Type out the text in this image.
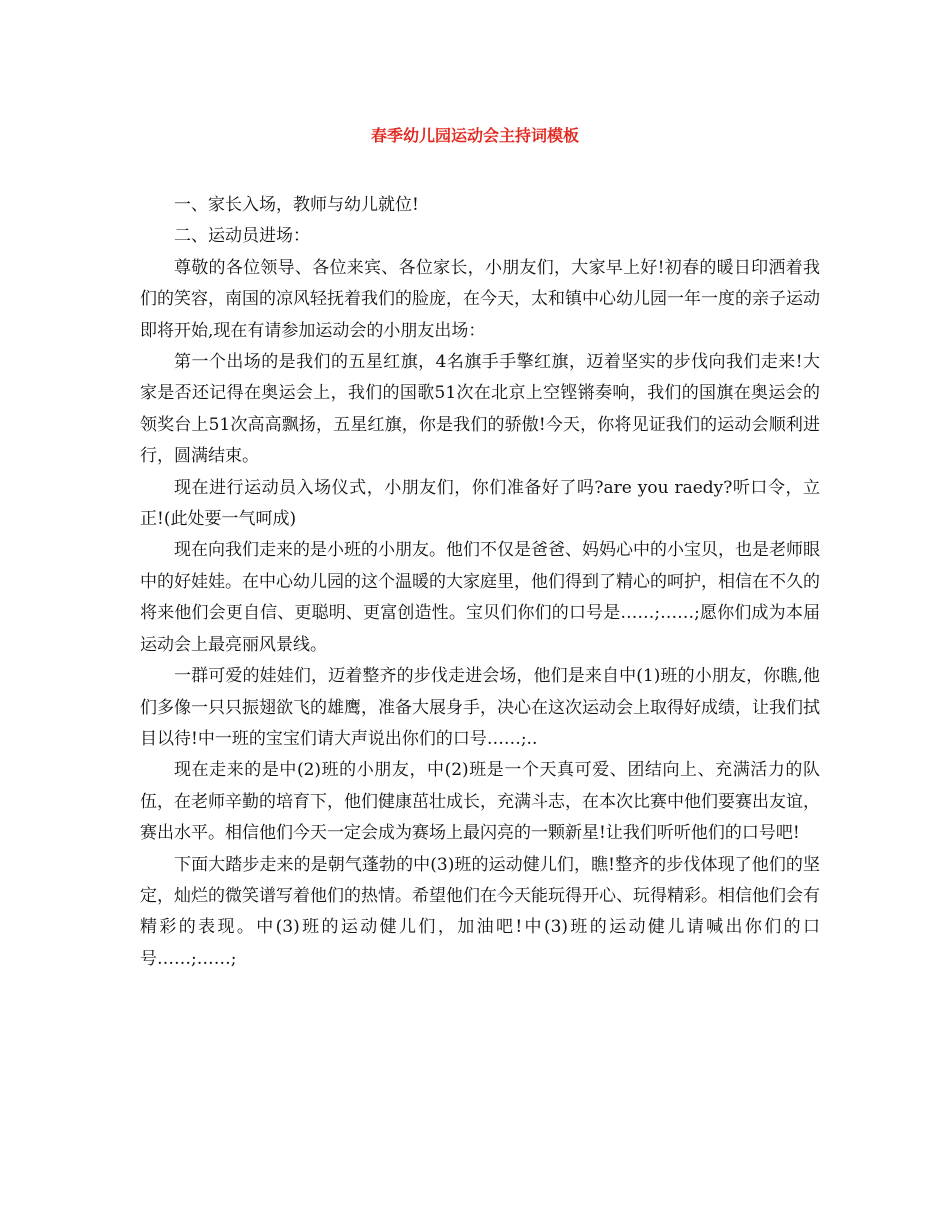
春季幼儿园运动会主持词模板

一、家长入场，教师与幼儿就位!

二、运动员进场：

尊敬的各位领导、各位来宾、各位家长，小朋友们，大家早上好!初春的暖日印洒着我们的笑容，南国的凉风轻抚着我们的脸庞，在今天，太和镇中心幼儿园一年一度的亲子运动即将开始,现在有请参加运动会的小朋友出场：

第一个出场的是我们的五星红旗，4名旗手手擎红旗，迈着坚实的步伐向我们走来!大家是否还记得在奥运会上，我们的国歌51次在北京上空铿锵奏响，我们的国旗在奥运会的领奖台上51次高高飘扬，五星红旗，你是我们的骄傲!今天，你将见证我们的运动会顺利进行，圆满结束。

现在进行运动员入场仪式，小朋友们，你们准备好了吗?are you raedy?听口令，立正!(此处要一气呵成)

现在向我们走来的是小班的小朋友。他们不仅是爸爸、妈妈心中的小宝贝，也是老师眼中的好娃娃。在中心幼儿园的这个温暖的大家庭里，他们得到了精心的呵护，相信在不久的将来他们会更自信、更聪明、更富创造性。宝贝们你们的口号是……;……;愿你们成为本届运动会上最亮丽风景线。

一群可爱的娃娃们，迈着整齐的步伐走进会场，他们是来自中(1)班的小朋友，你瞧,他们多像一只只振翅欲飞的雄鹰，准备大展身手，决心在这次运动会上取得好成绩，让我们拭目以待!中一班的宝宝们请大声说出你们的口号……;..

现在走来的是中(2)班的小朋友，中(2)班是一个天真可爱、团结向上、充满活力的队伍，在老师辛勤的培育下，他们健康茁壮成长，充满斗志，在本次比赛中他们要赛出友谊，赛出水平。相信他们今天一定会成为赛场上最闪亮的一颗新星!让我们听听他们的口号吧!

下面大踏步走来的是朝气蓬勃的中(3)班的运动健儿们，瞧!整齐的步伐体现了他们的坚定，灿烂的微笑谱写着他们的热情。希望他们在今天能玩得开心、玩得精彩。相信他们会有精彩的表现。中(3)班的运动健儿们，加油吧!中(3)班的运动健儿请喊出你们的口号……;……;
